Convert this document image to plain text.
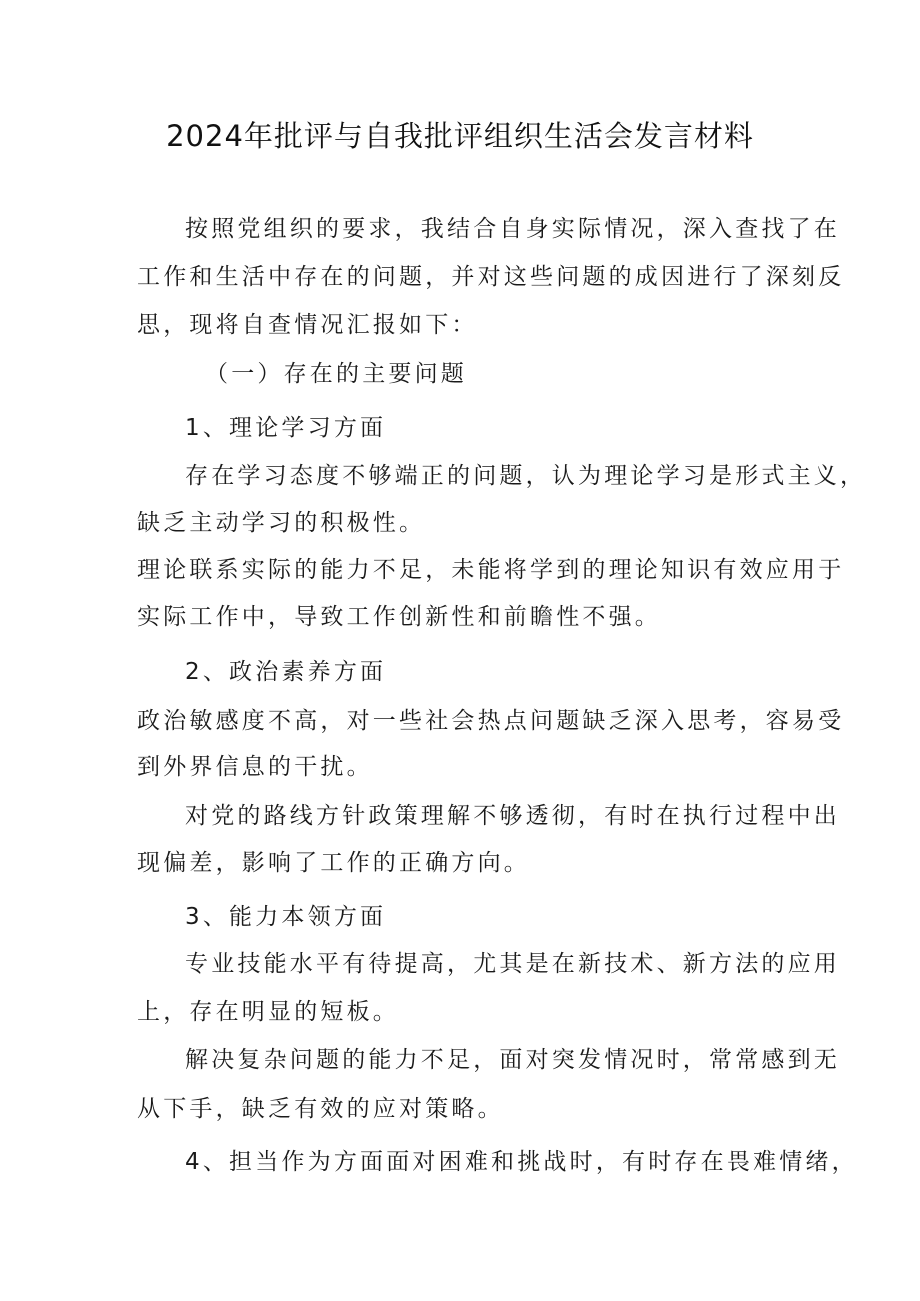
2024年批评与自我批评组织生活会发言材料
按照党组织的要求，我结合自身实际情况，深入查找了在
工作和生活中存在的问题，并对这些问题的成因进行了深刻反
思，现将自查情况汇报如下：
（一）存在的主要问题
1、理论学习方面
存在学习态度不够端正的问题，认为理论学习是形式主义，
缺乏主动学习的积极性。
理论联系实际的能力不足，未能将学到的理论知识有效应用于
实际工作中，导致工作创新性和前瞻性不强。
2、政治素养方面
政治敏感度不高，对一些社会热点问题缺乏深入思考，容易受
到外界信息的干扰。
对党的路线方针政策理解不够透彻，有时在执行过程中出
现偏差，影响了工作的正确方向。
3、能力本领方面
专业技能水平有待提高，尤其是在新技术、新方法的应用
上，存在明显的短板。
解决复杂问题的能力不足，面对突发情况时，常常感到无
从下手，缺乏有效的应对策略。
4、担当作为方面面对困难和挑战时，有时存在畏难情绪，
